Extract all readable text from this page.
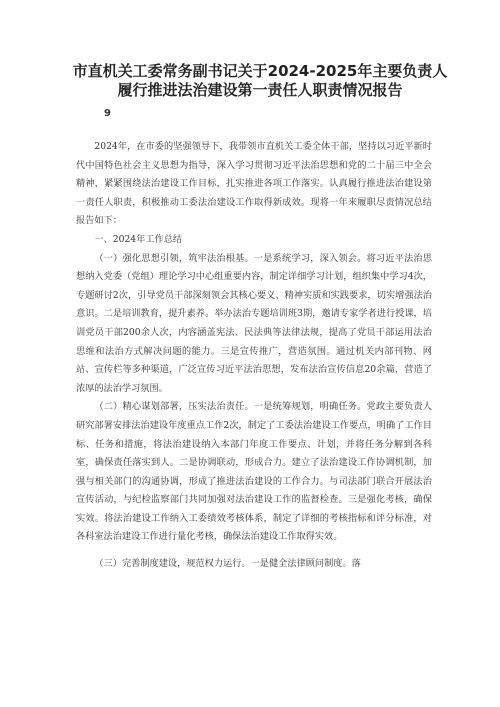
市直机关工委常务副书记关于2024-2025年主要负责人
履行推进法治建设第一责任人职责情况报告
9

2024年，在市委的坚强领导下，我带领市直机关工委全体干部，坚持以习近平新时代中国特色社会主义思想为指导，深入学习贯彻习近平法治思想和党的二十届三中全会精神，紧紧围绕法治建设工作目标，扎实推进各项工作落实。认真履行推进法治建设第一责任人职责，积极推动工委法治建设工作取得新成效。现将一年来履职尽责情况总结报告如下：

一、2024年工作总结

（一）强化思想引领，筑牢法治根基。一是系统学习，深入领会。将习近平法治思想纳入党委（党组）理论学习中心组重要内容，制定详细学习计划，组织集中学习4次，专题研讨2次，引导党员干部深刻领会其核心要义、精神实质和实践要求，切实增强法治意识。二是培训教育，提升素养。举办法治专题培训班3期，邀请专家学者进行授课，培训党员干部200余人次，内容涵盖宪法、民法典等法律法规，提高了党员干部运用法治思维和法治方式解决问题的能力。三是宣传推广，营造氛围。通过机关内部刊物、网站、宣传栏等多种渠道，广泛宣传习近平法治思想，发布法治宣传信息20余篇，营造了浓厚的法治学习氛围。

（二）精心谋划部署，压实法治责任。一是统筹规划，明确任务。党政主要负责人研究部署安排法治建设年度重点工作2次，制定了工委法治建设工作要点，明确了工作目标、任务和措施，将法治建设纳入本部门年度工作要点、计划，并将任务分解到各科室，确保责任落实到人。二是协调联动，形成合力。建立了法治建设工作协调机制，加强与相关部门的沟通协调，形成了推进法治建设的工作合力。与司法部门联合开展法治宣传活动，与纪检监察部门共同加强对法治建设工作的监督检查。三是强化考核，确保实效。将法治建设工作纳入工委绩效考核体系，制定了详细的考核指标和评分标准，对各科室法治建设工作进行量化考核，确保法治建设工作取得实效。

（三）完善制度建设，规范权力运行。一是健全法律顾问制度。落
